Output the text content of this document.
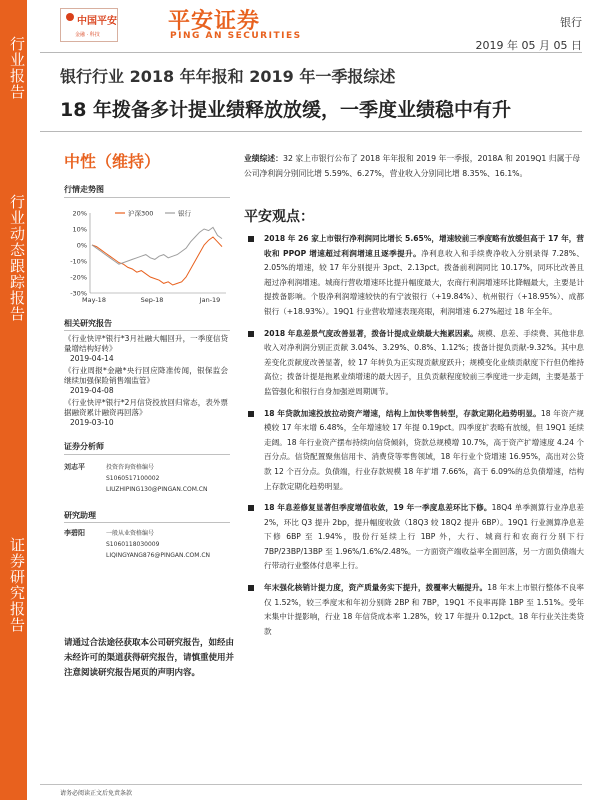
行业报告
行业动态跟踪报告
证券研究报告
中国平安
金融 · 科技
平安证券
PING AN SECURITIES
银行
2019 年 05 月 05 日
银行行业 2018 年年报和 2019 年一季报综述
18 年拨备多计提业绩释放放缓，一季度业绩稳中有升
中性（维持）
行情走势图
20%
10%
0%
-10%
-20%
-30%
May-18	Sep-18	Jan-19
沪深300	银行
相关研究报告
《行业快评*银行*3月社融大幅回升，一季度信贷量增结构好转》
2019-04-14
《行业周报*金融*央行回应降准传闻，银保监会继续加强保险销售端监管》
2019-04-08
《行业快评*银行*2月信贷投放回归常态，表外票据融资累计融资再回落》
2019-03-10
证券分析师
刘志平	投资咨询资格编号
S1060517100002
LIUZHIPING130@PINGAN.COM.CN
研究助理
李碧阳	一般从业资格编号
S1060118030009
LIQINGYANG876@PINGAN.COM.CN
请通过合法途径获取本公司研究报告，如经由未经许可的渠道获得研究报告，请慎重使用并注意阅读研究报告尾页的声明内容。
业绩综述：32 家上市银行公布了 2018 年年报和 2019 年一季报，2018A 和 2019Q1 归属于母公司净利润分别同比增 5.59%、6.27%，营业收入分别同比增 8.35%、16.1%。
平安观点：
2018 年 26 家上市银行净利润同比增长 5.65%，增速较前三季度略有放缓但高于 17 年，营收和 PPOP 增速超过利润增速且逐季提升。净利息收入和手续费净收入分别录得 7.28%、2.05%的增速，较 17 年分别提升 3pct、2.13pct。拨备前利润同比 10.17%，同环比改善且超过净利润增速。城商行营收增速环比提升幅度最大，农商行利润增速环比降幅最大，主要是计提拨备影响。个股净利润增速较快的有宁波银行（+19.84%）、杭州银行（+18.95%）、成都银行（+18.93%）。19Q1 行业营收增速表现亮眼，利润增速 6.27%超过 18 年全年。
2018 年息差景气度改善显著，拨备计提成业绩最大拖累因素。规模、息差、手续费、其他非息收入对净利润分别正贡献 3.04%、3.29%、0.8%、1.12%；拨备计提负贡献-9.32%。其中息差变化贡献度改善显著，较 17 年转负为正实现贡献度跃升；规模变化业绩贡献度下行但仍维持高位；拨备计提是拖累业绩增速的最大因子，且负贡献程度较前三季度进一步走阔，主要是基于监管强化和银行自身加强逆周期调节。
18 年贷款加速投放拉动资产增速，结构上加快零售转型，存款定期化趋势明显。18 年资产规模较 17 年末增 6.48%，全年增速较 17 年提 0.19pct。四季度扩表略有放缓，但 19Q1 延续走阔。18 年行业资产摆布持续向信贷倾斜，贷款总规模增 10.7%，高于资产扩增速度 4.24 个百分点。信贷配置聚焦信用卡、消费贷等零售领域，18 年行业个贷增速 16.95%，高出对公贷款 12 个百分点。负债端，行业存款规模 18 年扩增 7.66%，高于 6.09%的总负债增速，结构上存款定期化趋势明显。
18 年息差修复显著但季度增值收敛，19 年一季度息差环比下修。18Q4 单季测算行业净息差 2%，环比 Q3 提升 2bp，提升幅度收敛（18Q3 较 18Q2 提升 6BP）。19Q1 行业测算净息差下修 6BP 至 1.94%，股份行延续上行 1BP 外，大行、城商行和农商行分别下行 7BP/23BP/13BP 至 1.96%/1.6%/2.48%。一方面资产端收益率全面回落，另一方面负债端大行带动行业整体付息率上行。
年末强化核销计提力度，资产质量务实下提升，拨覆率大幅提升。18 年末上市银行整体不良率仅 1.52%，较三季度末和年初分别降 2BP 和 7BP，19Q1 不良率再降 1BP 至 1.51%。受年末集中计提影响，行业 18 年信贷成本率 1.28%，较 17 年提升 0.12pct。18 年行业关注类贷款
请务必阅读正文后免责条款
